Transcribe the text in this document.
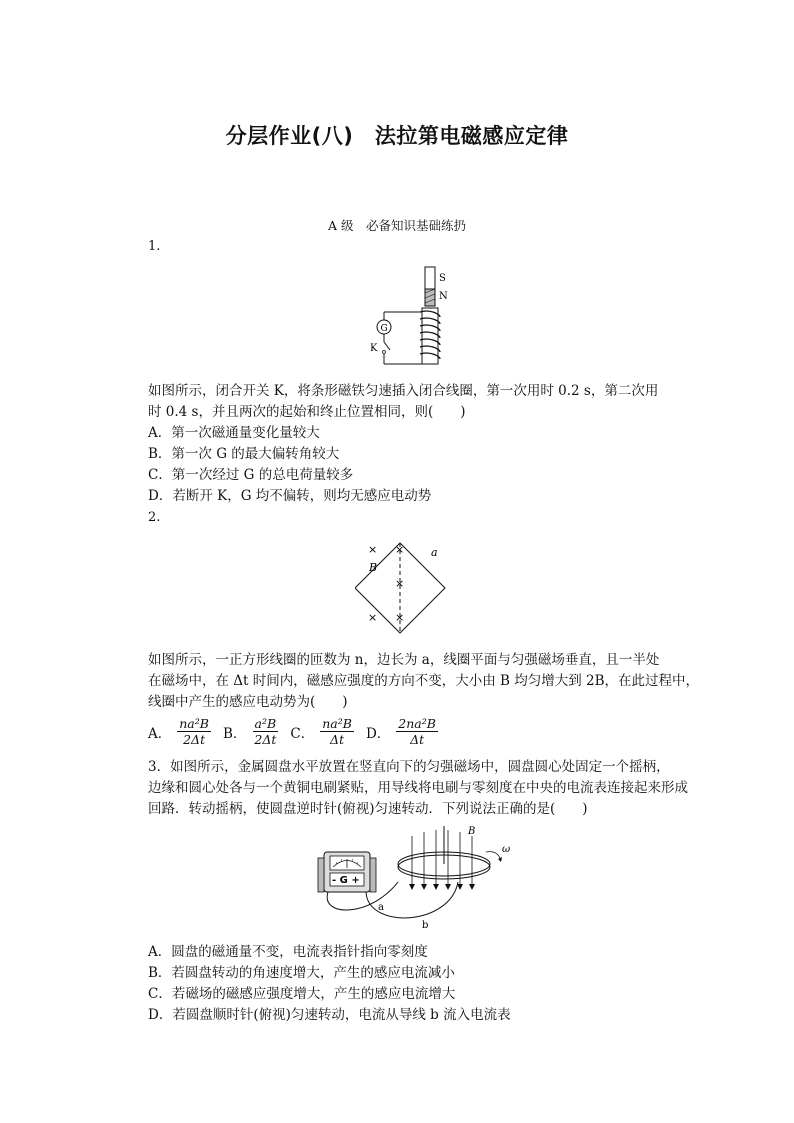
分层作业(八)　法拉第电磁感应定律
A 级　必备知识基础练扔
1.
S
N
G
K
如图所示，闭合开关 K，将条形磁铁匀速插入闭合线圈，第一次用时 0.2 s，第二次用
时 0.4 s，并且两次的起始和终止位置相同，则(　　)
A．第一次磁通量变化量较大
B．第一次 G 的最大偏转角较大
C．第一次经过 G 的总电荷量较多
D．若断开 K，G 均不偏转，则均无感应电动势
2.
× ×
×
× ×
B
a
如图所示，一正方形线圈的匝数为 n，边长为 a，线圈平面与匀强磁场垂直，且一半处
在磁场中，在 Δt 时间内，磁感应强度的方向不变，大小由 B 均匀增大到 2B，在此过程中，
线圈中产生的感应电动势为(　　)
A． $\frac{\text{na²B}}{2\Delta t}$ B． $\frac{\text{a²B}}{2\Delta t}$ C． $\frac{\text{na²B}}{\Delta t}$ D． $\frac{\text{2na²B}}{\Delta t}$
3．如图所示，金属圆盘水平放置在竖直向下的匀强磁场中，圆盘圆心处固定一个摇柄，
边缘和圆心处各与一个黄铜电刷紧贴，用导线将电刷与零刻度在中央的电流表连接起来形成
回路．转动摇柄，使圆盘逆时针(俯视)匀速转动．下列说法正确的是(　　)
- G +
a
b
B
ω
A．圆盘的磁通量不变，电流表指针指向零刻度
B．若圆盘转动的角速度增大，产生的感应电流减小
C．若磁场的磁感应强度增大，产生的感应电流增大
D．若圆盘顺时针(俯视)匀速转动，电流从导线 b 流入电流表
